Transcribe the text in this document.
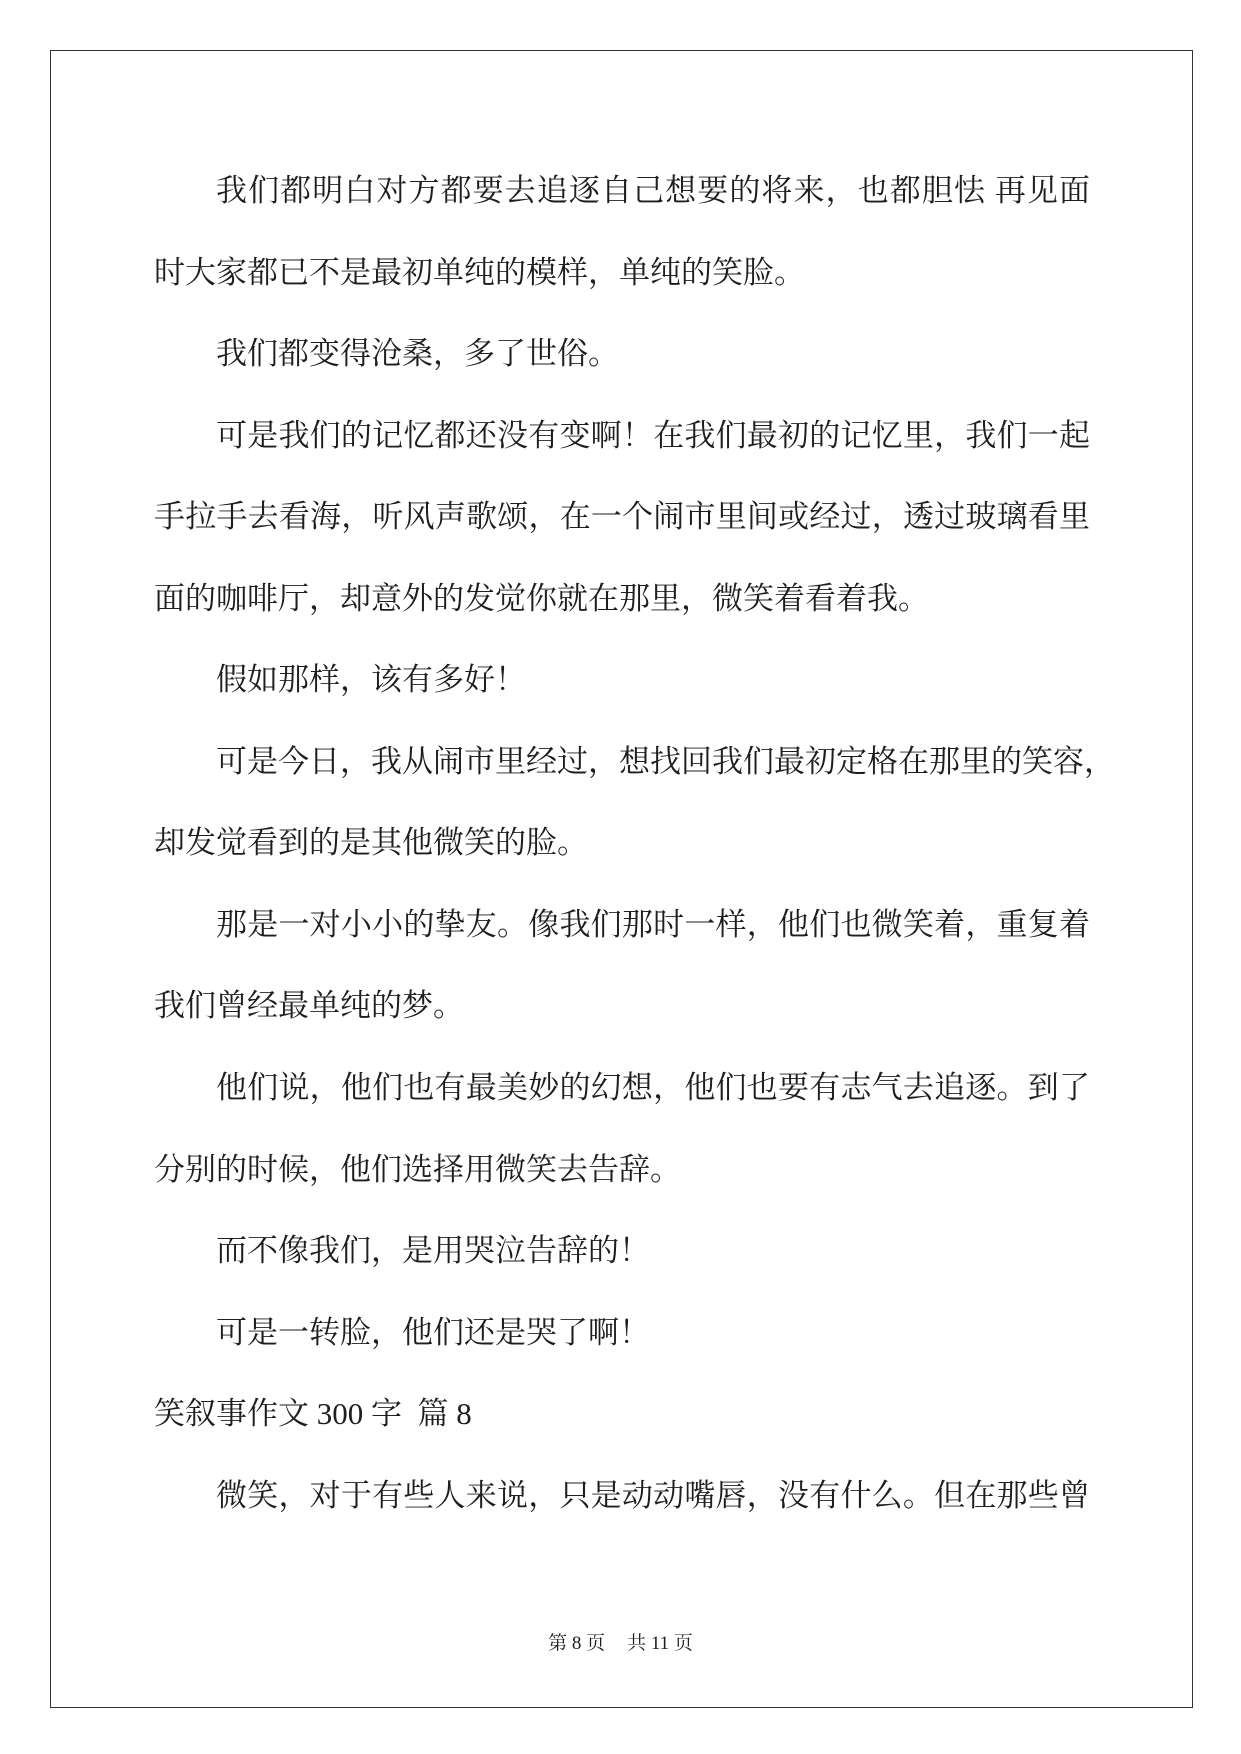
我们都明白对方都要去追逐自己想要的将来，也都胆怯 再见面
时大家都已不是最初单纯的模样，单纯的笑脸。
我们都变得沧桑，多了世俗。
可是我们的记忆都还没有变啊！在我们最初的记忆里，我们一起
手拉手去看海，听风声歌颂，在一个闹市里间或经过，透过玻璃看里
面的咖啡厅，却意外的发觉你就在那里，微笑着看着我。
假如那样，该有多好！
可是今日，我从闹市里经过，想找回我们最初定格在那里的笑容，
却发觉看到的是其他微笑的脸。
那是一对小小的挚友。像我们那时一样，他们也微笑着，重复着
我们曾经最单纯的梦。
他们说，他们也有最美妙的幻想，他们也要有志气去追逐。到了
分别的时候，他们选择用微笑去告辞。
而不像我们，是用哭泣告辞的！
可是一转脸，他们还是哭了啊！
笑叙事作文 300 字  篇 8
微笑，对于有些人来说，只是动动嘴唇，没有什么。但在那些曾
第 8 页 共 11 页
